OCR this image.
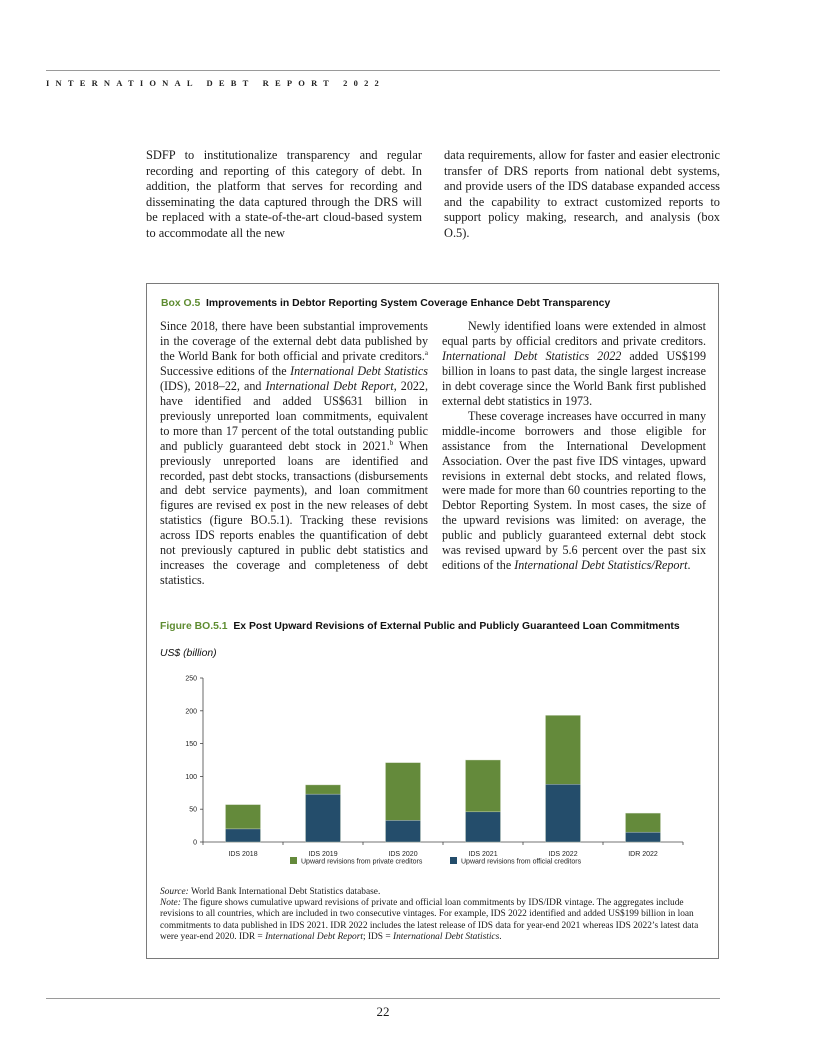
INTERNATIONAL DEBT REPORT 2022

SDFP to institutionalize transparency and regular recording and reporting of this category of debt. In addition, the platform that serves for recording and disseminating the data captured through the DRS will be replaced with a state-of-the-art cloud-based system to accommodate all the new

data requirements, allow for faster and easier electronic transfer of DRS reports from national debt systems, and provide users of the IDS database expanded access and the capability to extract customized reports to support policy making, research, and analysis (box O.5).

Box O.5 Improvements in Debtor Reporting System Coverage Enhance Debt Transparency

Since 2018, there have been substantial improvements in the coverage of the external debt data published by the World Bank for both official and private creditors.$^a$ Successive editions of the International Debt Statistics (IDS), 2018–22, and International Debt Report, 2022, have identified and added US$631 billion in previously unreported loan commitments, equivalent to more than 17 percent of the total outstanding public and publicly guaranteed debt stock in 2021.$^b$ When previously unreported loans are identified and recorded, past debt stocks, transactions (disbursements and debt service payments), and loan commitment figures are revised ex post in the new releases of debt statistics (figure BO.5.1). Tracking these revisions across IDS reports enables the quantification of debt not previously captured in public debt statistics and increases the coverage and completeness of debt statistics.

Newly identified loans were extended in almost equal parts by official creditors and private creditors. International Debt Statistics 2022 added US$199 billion in loans to past data, the single largest increase in debt coverage since the World Bank first published external debt statistics in 1973.

These coverage increases have occurred in many middle-income borrowers and those eligible for assistance from the International Development Association. Over the past five IDS vintages, upward revisions in external debt stocks, and related flows, were made for more than 60 countries reporting to the Debtor Reporting System. In most cases, the size of the upward revisions was limited: on average, the public and publicly guaranteed external debt stock was revised upward by 5.6 percent over the past six editions of the International Debt Statistics/Report.

Figure BO.5.1 Ex Post Upward Revisions of External Public and Publicly Guaranteed Loan Commitments
US$ (billion)
0
50
100
150
200
250
IDS 2018	IDS 2019	IDS 2020	IDS 2021	IDS 2022	IDR 2022
Upward revisions from private creditors	Upward revisions from official creditors

Source: World Bank International Debt Statistics database.

Note: The figure shows cumulative upward revisions of private and official loan commitments by IDS/IDR vintage. The aggregates include revisions to all countries, which are included in two consecutive vintages. For example, IDS 2022 identified and added US$199 billion in loan commitments to data published in IDS 2021. IDR 2022 includes the latest release of IDS data for year-end 2021 whereas IDS 2022’s latest data were year-end 2020. IDR = International Debt Report; IDS = International Debt Statistics.

22
